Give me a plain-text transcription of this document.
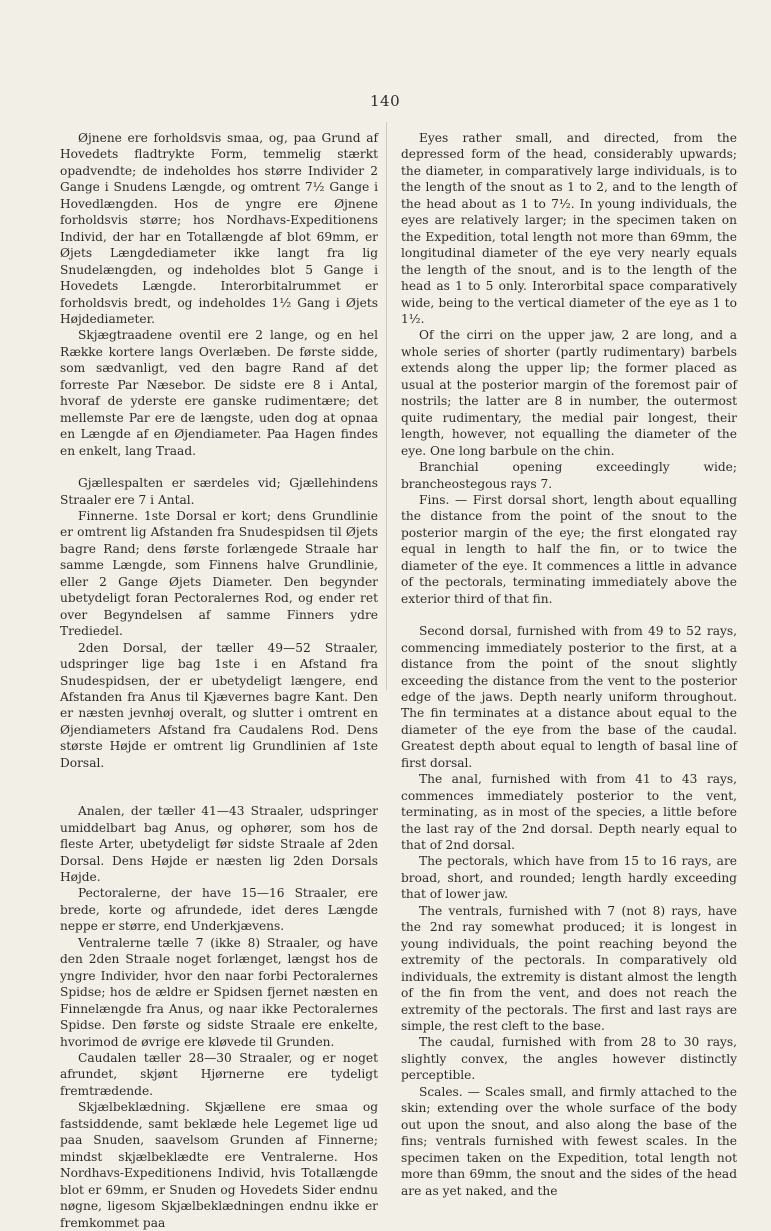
140

Øjnene ere forholdsvis smaa, og, paa Grund af Hovedets fladtrykte Form, temmelig stærkt opadvendte; de indeholdes hos større Individer 2 Gange i Snudens Længde, og omtrent 7½ Gange i Hovedlængden. Hos de yngre ere Øjnene forholdsvis større; hos Nordhavs-Expeditionens Individ, der har en Totallængde af blot 69mm, er Øjets Længdediameter ikke langt fra lig Snudelængden, og indeholdes blot 5 Gange i Hovedets Længde. Interorbitalrummet er forholdsvis bredt, og indeholdes 1½ Gang i Øjets Højdediameter.

Skjægtraadene oventil ere 2 lange, og en hel Række kortere langs Overlæben. De første sidde, som sædvanligt, ved den bagre Rand af det forreste Par Næsebor. De sidste ere 8 i Antal, hvoraf de yderste ere ganske rudimentære; det mellemste Par ere de længste, uden dog at opnaa en Længde af en Øjendiameter. Paa Hagen findes en enkelt, lang Traad.

Gjællespalten er særdeles vid; Gjællehindens Straaler ere 7 i Antal.

Finnerne. 1ste Dorsal er kort; dens Grundlinie er omtrent lig Afstanden fra Snudespidsen til Øjets bagre Rand; dens første forlængede Straale har samme Længde, som Finnens halve Grundlinie, eller 2 Gange Øjets Diameter. Den begynder ubetydeligt foran Pectoralernes Rod, og ender ret over Begyndelsen af samme Finners ydre Trediedel.

2den Dorsal, der tæller 49—52 Straaler, udspringer lige bag 1ste i en Afstand fra Snudespidsen, der er ubetydeligt længere, end Afstanden fra Anus til Kjævernes bagre Kant. Den er næsten jevnhøj overalt, og slutter i omtrent en Øjendiameters Afstand fra Caudalens Rod. Dens største Højde er omtrent lig Grundlinien af 1ste Dorsal.

Analen, der tæller 41—43 Straaler, udspringer umiddelbart bag Anus, og ophører, som hos de fleste Arter, ubetydeligt før sidste Straale af 2den Dorsal. Dens Højde er næsten lig 2den Dorsals Højde.

Pectoralerne, der have 15—16 Straaler, ere brede, korte og afrundede, idet deres Længde neppe er større, end Underkjævens.

Ventralerne tælle 7 (ikke 8) Straaler, og have den 2den Straale noget forlænget, længst hos de yngre Individer, hvor den naar forbi Pectoralernes Spidse; hos de ældre er Spidsen fjernet næsten en Finnelængde fra Anus, og naar ikke Pectoralernes Spidse. Den første og sidste Straale ere enkelte, hvorimod de øvrige ere kløvede til Grunden.

Caudalen tæller 28—30 Straaler, og er noget afrundet, skjønt Hjørnerne ere tydeligt fremtrædende.

Skjælbeklædning. Skjællene ere smaa og fastsiddende, samt beklæde hele Legemet lige ud paa Snuden, saavelsom Grunden af Finnerne; mindst skjælbeklædte ere Ventralerne. Hos Nordhavs-Expeditionens Individ, hvis Totallængde blot er 69mm, er Snuden og Hovedets Sider endnu nøgne, ligesom Skjælbeklædningen endnu ikke er fremkommet paa

Eyes rather small, and directed, from the depressed form of the head, considerably upwards; the diameter, in comparatively large individuals, is to the length of the snout as 1 to 2, and to the length of the head about as 1 to 7½. In young individuals, the eyes are relatively larger; in the specimen taken on the Expedition, total length not more than 69mm, the longitudinal diameter of the eye very nearly equals the length of the snout, and is to the length of the head as 1 to 5 only. Interorbital space comparatively wide, being to the vertical diameter of the eye as 1 to 1½.

Of the cirri on the upper jaw, 2 are long, and a whole series of shorter (partly rudimentary) barbels extends along the upper lip; the former placed as usual at the posterior margin of the foremost pair of nostrils; the latter are 8 in number, the outermost quite rudimentary, the medial pair longest, their length, however, not equalling the diameter of the eye. One long barbule on the chin.

Branchial opening exceedingly wide; brancheostegous rays 7.

Fins. — First dorsal short, length about equalling the distance from the point of the snout to the posterior margin of the eye; the first elongated ray equal in length to half the fin, or to twice the diameter of the eye. It commences a little in advance of the pectorals, terminating immediately above the exterior third of that fin.

Second dorsal, furnished with from 49 to 52 rays, commencing immediately posterior to the first, at a distance from the point of the snout slightly exceeding the distance from the vent to the posterior edge of the jaws. Depth nearly uniform throughout. The fin terminates at a distance about equal to the diameter of the eye from the base of the caudal. Greatest depth about equal to length of basal line of first dorsal.

The anal, furnished with from 41 to 43 rays, commences immediately posterior to the vent, terminating, as in most of the species, a little before the last ray of the 2nd dorsal. Depth nearly equal to that of 2nd dorsal.

The pectorals, which have from 15 to 16 rays, are broad, short, and rounded; length hardly exceeding that of lower jaw.

The ventrals, furnished with 7 (not 8) rays, have the 2nd ray somewhat produced; it is longest in young individuals, the point reaching beyond the extremity of the pectorals. In comparatively old individuals, the extremity is distant almost the length of the fin from the vent, and does not reach the extremity of the pectorals. The first and last rays are simple, the rest cleft to the base.

The caudal, furnished with from 28 to 30 rays, slightly convex, the angles however distinctly perceptible.

Scales. — Scales small, and firmly attached to the skin; extending over the whole surface of the body out upon the snout, and also along the base of the fins; ventrals furnished with fewest scales. In the specimen taken on the Expedition, total length not more than 69mm, the snout and the sides of the head are as yet naked, and the
